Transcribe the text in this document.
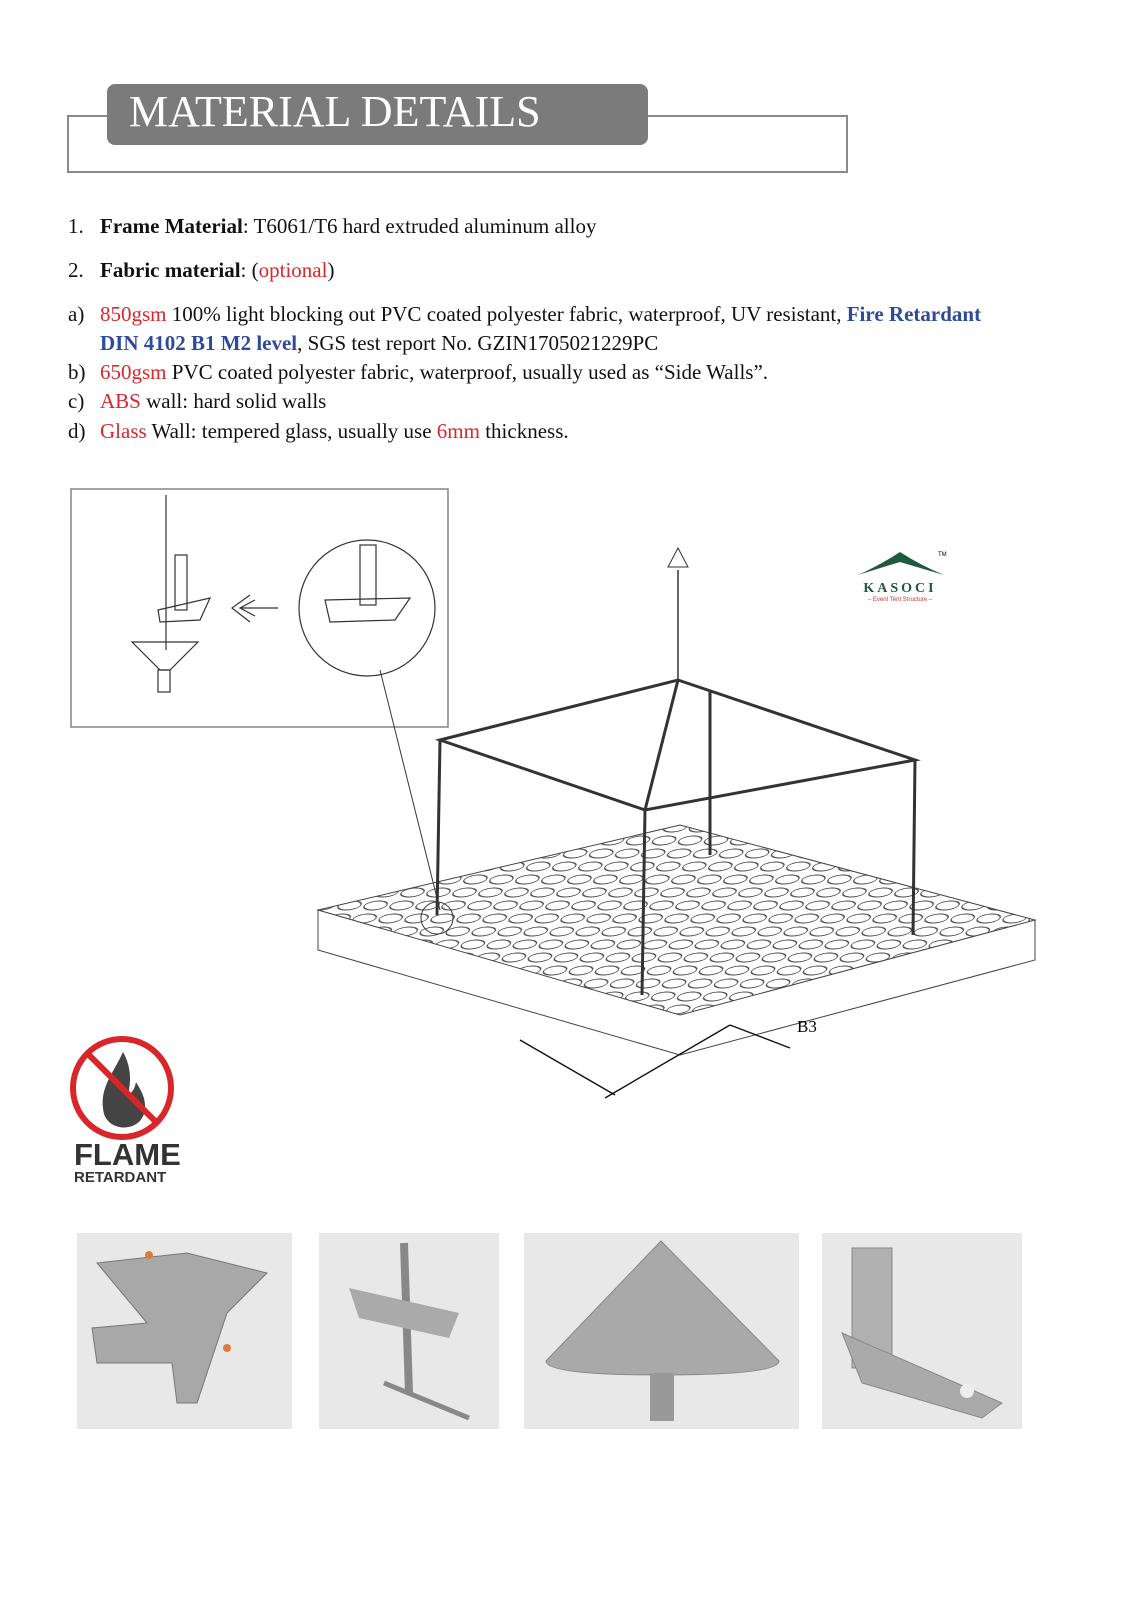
MATERIAL DETAILS
1. Frame Material: T6061/T6 hard extruded aluminum alloy
2. Fabric material: (optional)
a) 850gsm 100% light blocking out PVC coated polyester fabric, waterproof, UV resistant, Fire Retardant
DIN 4102 B1 M2 level, SGS test report No. GZIN1705021229PC
b) 650gsm PVC coated polyester fabric, waterproof, usually used as “Side Walls”.
c) ABS wall: hard solid walls
d) Glass Wall: tempered glass, usually use 6mm thickness.
B3
KASOCI
– Event Tent Structure –
TM
FLAME
RETARDANT
